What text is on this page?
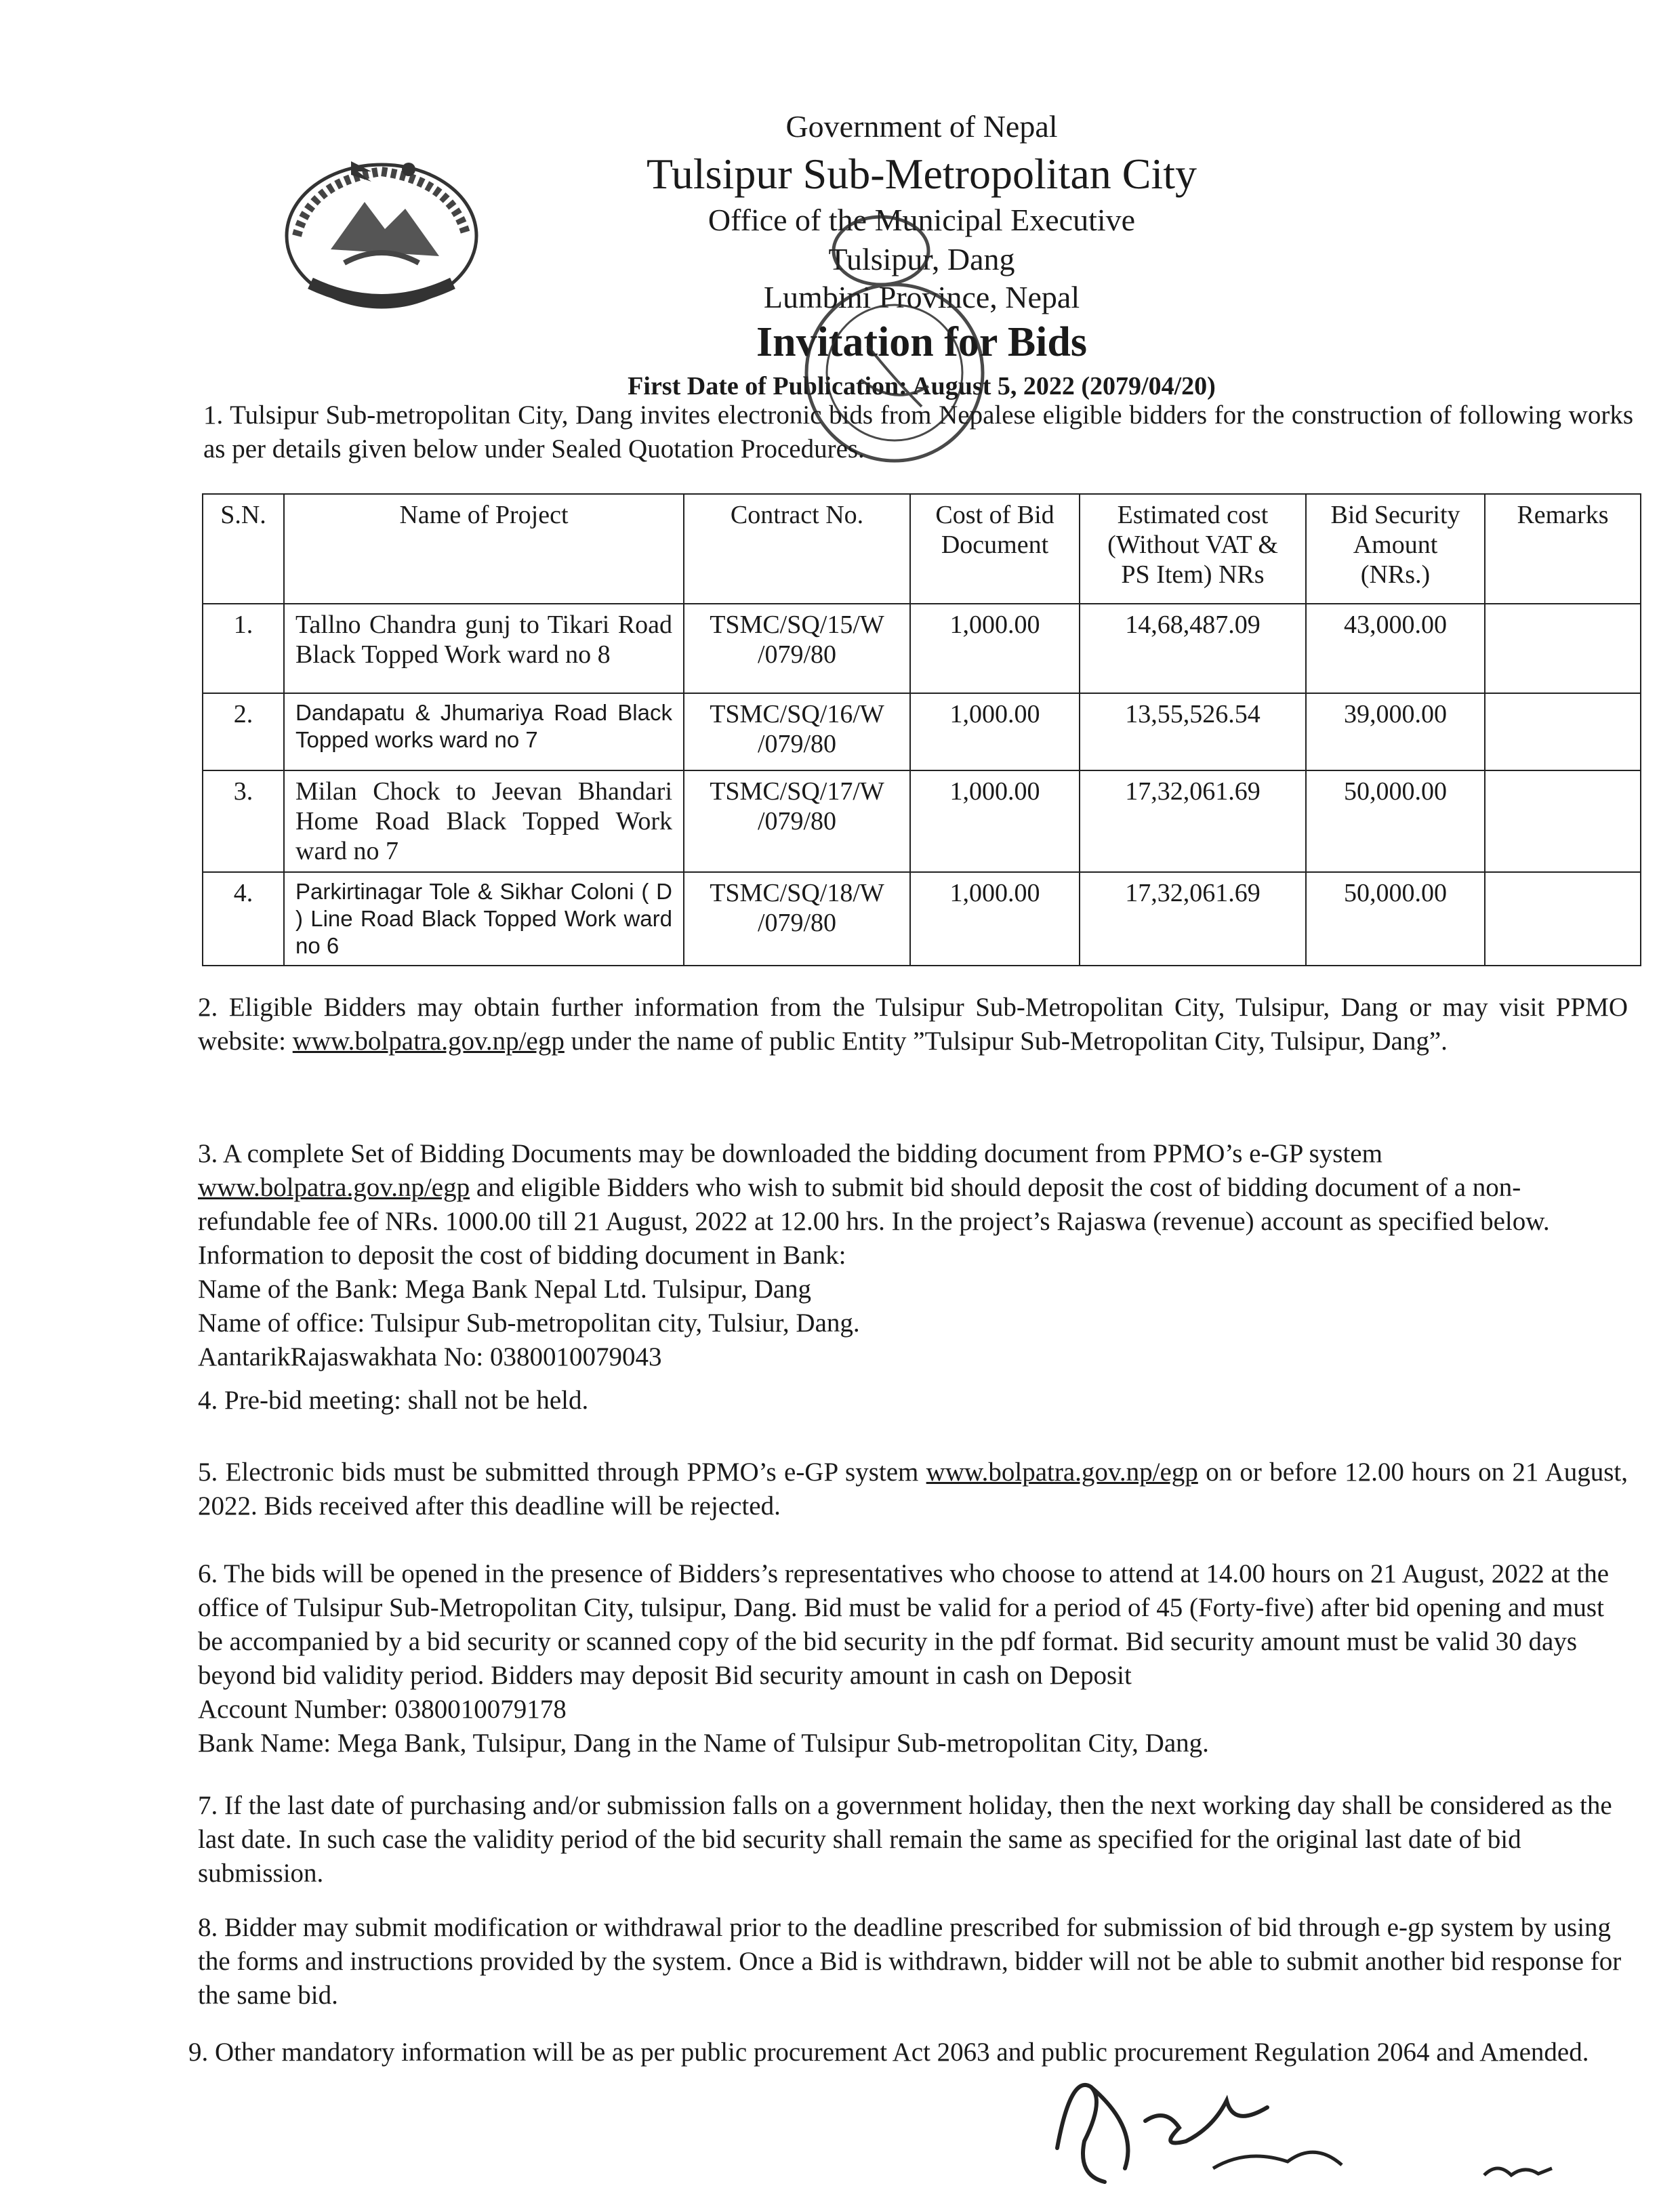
Government of Nepal
Tulsipur Sub-Metropolitan City
Office of the Municipal Executive
Tulsipur, Dang
Lumbini Province, Nepal
Invitation for Bids
First Date of Publication: August 5, 2022 (2079/04/20)
1. Tulsipur Sub-metropolitan City, Dang invites electronic bids from Nepalese eligible bidders for the construction of following works as per details given below under Sealed Quotation Procedures.
S.N.	Name of Project	Contract No.	Cost of Bid Document	Estimated cost (Without VAT & PS Item) NRs	Bid Security Amount (NRs.)	Remarks
1.	Tallno Chandra gunj to Tikari Road Black Topped Work ward no 8	TSMC/SQ/15/W /079/80	1,000.00	14,68,487.09	43,000.00	
2.	Dandapatu & Jhumariya Road Black Topped works ward no 7	TSMC/SQ/16/W /079/80	1,000.00	13,55,526.54	39,000.00	
3.	Milan Chock to Jeevan Bhandari Home Road Black Topped Work ward no 7	TSMC/SQ/17/W /079/80	1,000.00	17,32,061.69	50,000.00	
4.	Parkirtinagar Tole & Sikhar Coloni ( D ) Line Road Black Topped Work ward no 6	TSMC/SQ/18/W /079/80	1,000.00	17,32,061.69	50,000.00	
2. Eligible Bidders may obtain further information from the Tulsipur Sub-Metropolitan City, Tulsipur, Dang or may visit PPMO website: www.bolpatra.gov.np/egp under the name of public Entity ”Tulsipur Sub-Metropolitan City, Tulsipur, Dang”.
3. A complete Set of Bidding Documents may be downloaded the bidding document from PPMO’s e-GP system www.bolpatra.gov.np/egp and eligible Bidders who wish to submit bid should deposit the cost of bidding document of a non-refundable fee of NRs. 1000.00 till 21 August, 2022 at 12.00 hrs. In the project’s Rajaswa (revenue) account as specified below. Information to deposit the cost of bidding document in Bank:
Name of the Bank: Mega Bank Nepal Ltd. Tulsipur, Dang
Name of office: Tulsipur Sub-metropolitan city, Tulsiur, Dang.
AantarikRajaswakhata No: 0380010079043
4. Pre-bid meeting: shall not be held.
5. Electronic bids must be submitted through PPMO’s e-GP system www.bolpatra.gov.np/egp on or before 12.00 hours on 21 August, 2022. Bids received after this deadline will be rejected.
6. The bids will be opened in the presence of Bidders’s representatives who choose to attend at 14.00 hours on 21 August, 2022 at the office of Tulsipur Sub-Metropolitan City, tulsipur, Dang. Bid must be valid for a period of 45 (Forty-five) after bid opening and must be accompanied by a bid security or scanned copy of the bid security in the pdf format. Bid security amount must be valid 30 days beyond bid validity period. Bidders may deposit Bid security amount in cash on Deposit
Account Number: 0380010079178
Bank Name: Mega Bank, Tulsipur, Dang in the Name of Tulsipur Sub-metropolitan City, Dang.
7. If the last date of purchasing and/or submission falls on a government holiday, then the next working day shall be considered as the last date. In such case the validity period of the bid security shall remain the same as specified for the original last date of bid submission.
8. Bidder may submit modification or withdrawal prior to the deadline prescribed for submission of bid through e-gp system by using the forms and instructions provided by the system. Once a Bid is withdrawn, bidder will not be able to submit another bid response for the same bid.
9. Other mandatory information will be as per public procurement Act 2063 and public procurement Regulation 2064 and Amended.
